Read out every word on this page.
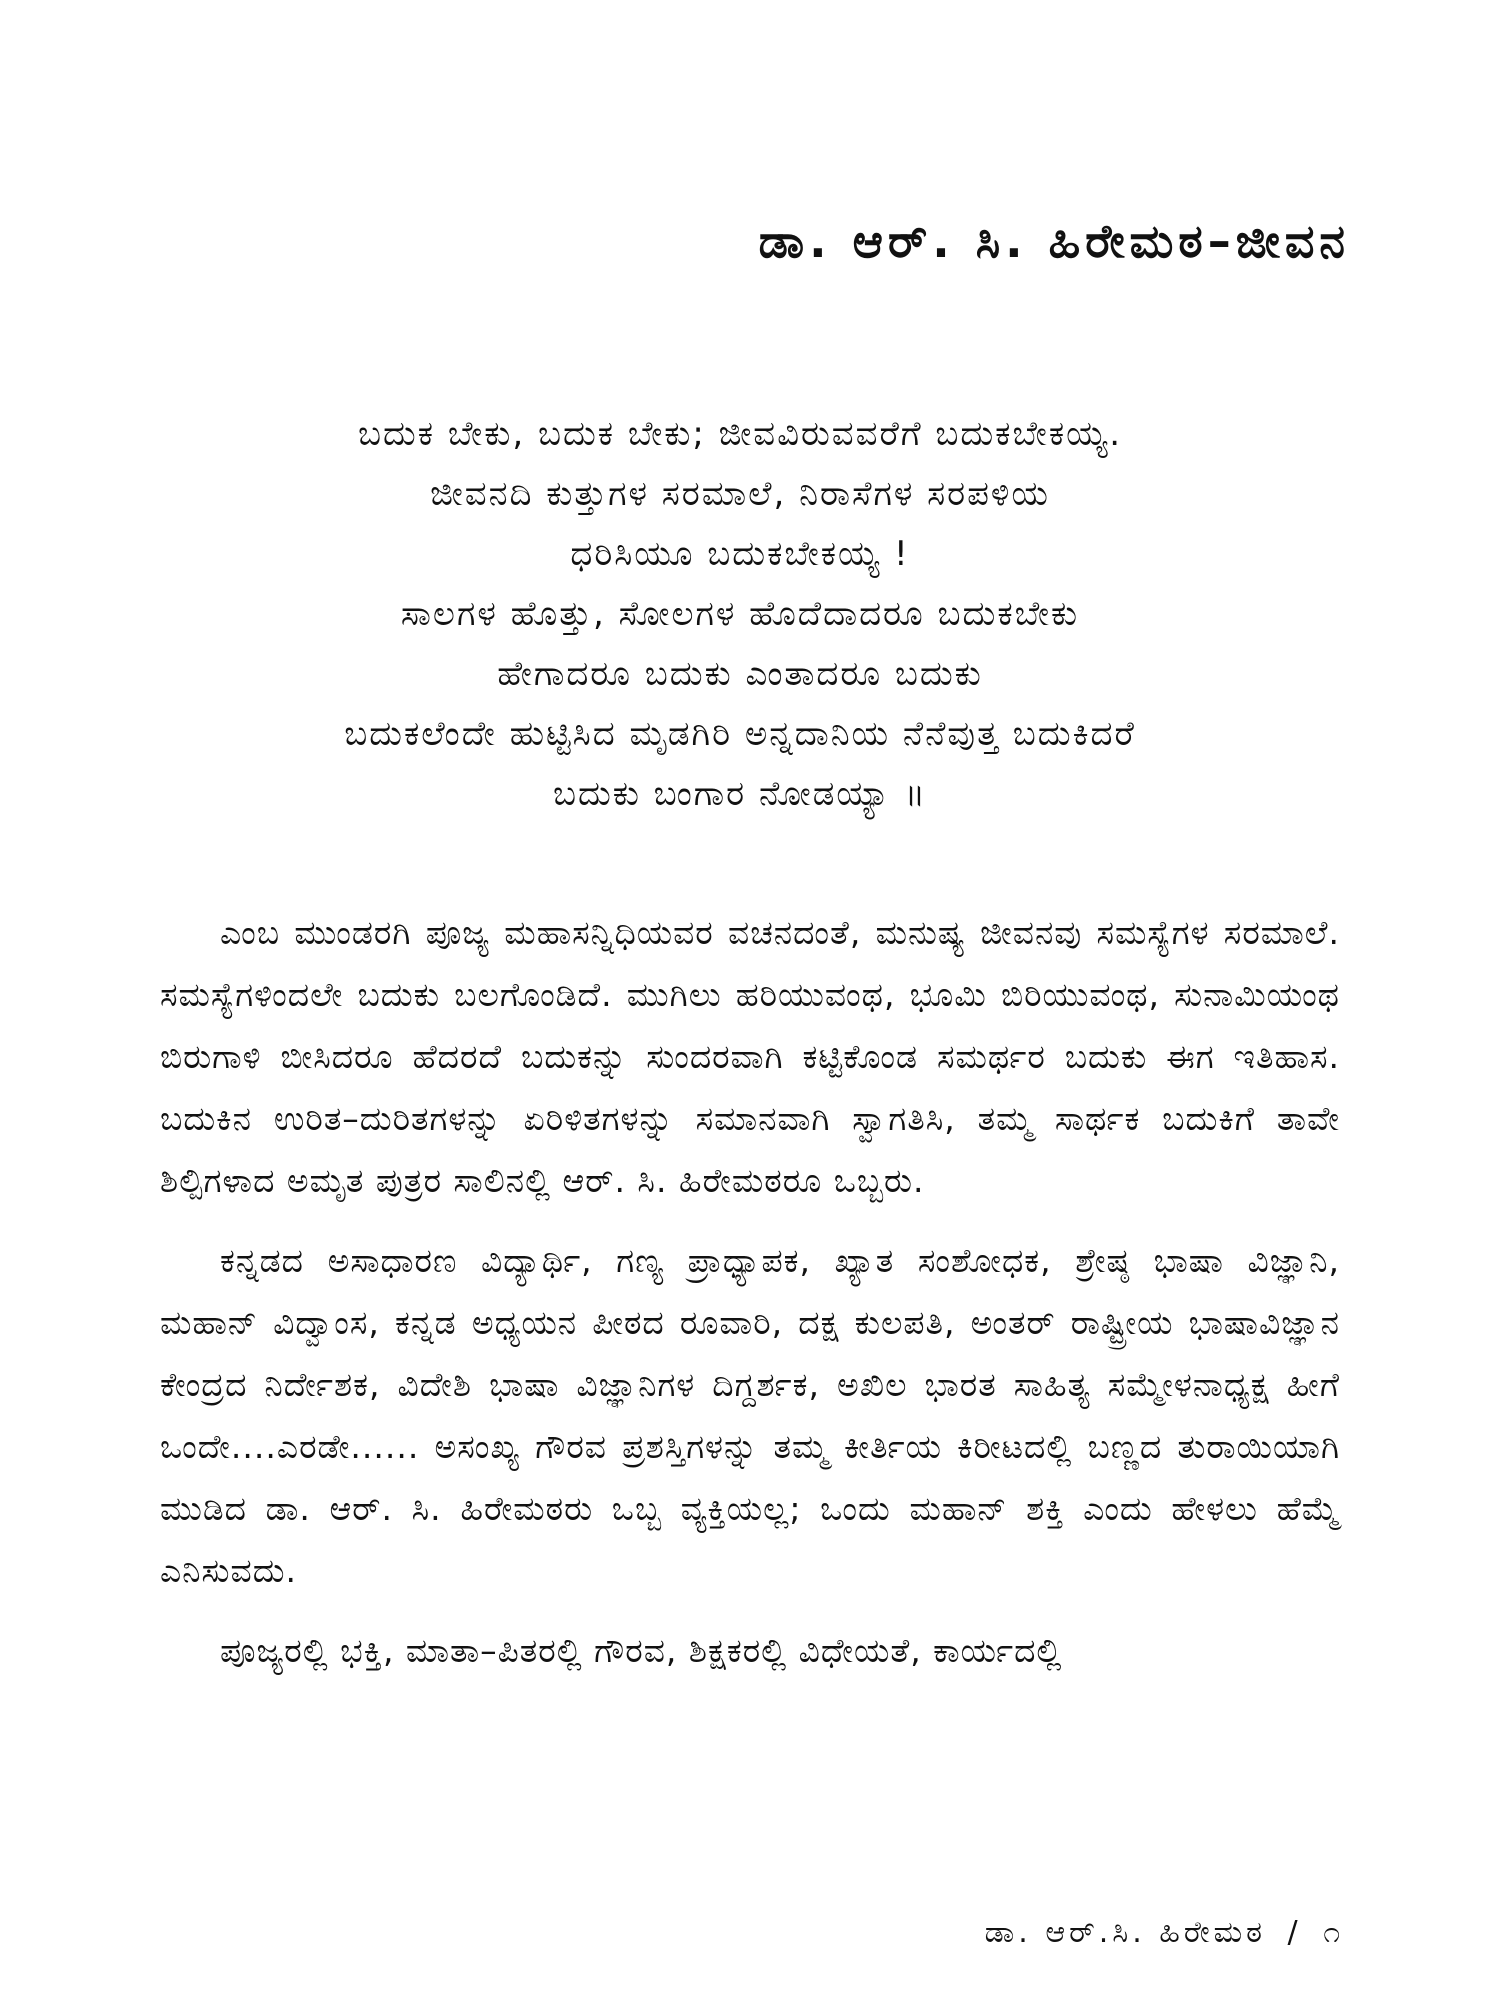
ಡಾ. ಆರ್. ಸಿ. ಹಿರೇಮಠ–ಜೀವನ
ಬದುಕ ಬೇಕು, ಬದುಕ ಬೇಕು; ಜೀವವಿರುವವರೆಗೆ ಬದುಕಬೇಕಯ್ಯ.
ಜೀವನದಿ ಕುತ್ತುಗಳ ಸರಮಾಲೆ, ನಿರಾಸೆಗಳ ಸರಪಳಿಯ
ಧರಿಸಿಯೂ ಬದುಕಬೇಕಯ್ಯ !
ಸಾಲಗಳ ಹೊತ್ತು, ಸೋಲಗಳ ಹೊದೆದಾದರೂ ಬದುಕಬೇಕು
ಹೇಗಾದರೂ ಬದುಕು ಎಂತಾದರೂ ಬದುಕು
ಬದುಕಲೆಂದೇ ಹುಟ್ಟಿಸಿದ ಮೃಡಗಿರಿ ಅನ್ನದಾನಿಯ ನೆನೆವುತ್ತ ಬದುಕಿದರೆ
ಬದುಕು ಬಂಗಾರ ನೋಡಯ್ಯಾ ॥

ಎಂಬ ಮುಂಡರಗಿ ಪೂಜ್ಯ ಮಹಾಸನ್ನಿಧಿಯವರ ವಚನದಂತೆ, ಮನುಷ್ಯ ಜೀವನವು ಸಮಸ್ಯೆಗಳ ಸರಮಾಲೆ. ಸಮಸ್ಯೆಗಳಿಂದಲೇ ಬದುಕು ಬಲಗೊಂಡಿದೆ. ಮುಗಿಲು ಹರಿಯುವಂಥ, ಭೂಮಿ ಬಿರಿಯುವಂಥ, ಸುನಾಮಿಯಂಥ ಬಿರುಗಾಳಿ ಬೀಸಿದರೂ ಹೆದರದೆ ಬದುಕನ್ನು ಸುಂದರವಾಗಿ ಕಟ್ಟಿಕೊಂಡ ಸಮರ್ಥರ ಬದುಕು ಈಗ ಇತಿಹಾಸ. ಬದುಕಿನ ಉರಿತ–ದುರಿತಗಳನ್ನು ಏರಿಳಿತಗಳನ್ನು ಸಮಾನವಾಗಿ ಸ್ವಾಗತಿಸಿ, ತಮ್ಮ ಸಾರ್ಥಕ ಬದುಕಿಗೆ ತಾವೇ ಶಿಲ್ಪಿಗಳಾದ ಅಮೃತ ಪುತ್ರರ ಸಾಲಿನಲ್ಲಿ ಆರ್. ಸಿ. ಹಿರೇಮಠರೂ ಒಬ್ಬರು.

ಕನ್ನಡದ ಅಸಾಧಾರಣ ವಿದ್ಯಾರ್ಥಿ, ಗಣ್ಯ ಪ್ರಾಧ್ಯಾಪಕ, ಖ್ಯಾತ ಸಂಶೋಧಕ, ಶ್ರೇಷ್ಠ ಭಾಷಾ ವಿಜ್ಞಾನಿ, ಮಹಾನ್ ವಿದ್ವಾಂಸ, ಕನ್ನಡ ಅಧ್ಯಯನ ಪೀಠದ ರೂವಾರಿ, ದಕ್ಷ ಕುಲಪತಿ, ಅಂತರ್ ರಾಷ್ಟ್ರೀಯ ಭಾಷಾವಿಜ್ಞಾನ ಕೇಂದ್ರದ ನಿರ್ದೇಶಕ, ವಿದೇಶಿ ಭಾಷಾ ವಿಜ್ಞಾನಿಗಳ ದಿಗ್ದರ್ಶಕ, ಅಖಿಲ ಭಾರತ ಸಾಹಿತ್ಯ ಸಮ್ಮೇಳನಾಧ್ಯಕ್ಷ ಹೀಗೆ ಒಂದೇ....ಎರಡೇ...... ಅಸಂಖ್ಯ ಗೌರವ ಪ್ರಶಸ್ತಿಗಳನ್ನು ತಮ್ಮ ಕೀರ್ತಿಯ ಕಿರೀಟದಲ್ಲಿ ಬಣ್ಣದ ತುರಾಯಿಯಾಗಿ ಮುಡಿದ ಡಾ. ಆರ್. ಸಿ. ಹಿರೇಮಠರು ಒಬ್ಬ ವ್ಯಕ್ತಿಯಲ್ಲ; ಒಂದು ಮಹಾನ್ ಶಕ್ತಿ ಎಂದು ಹೇಳಲು ಹೆಮ್ಮೆ ಎನಿಸುವದು.

ಪೂಜ್ಯರಲ್ಲಿ ಭಕ್ತಿ, ಮಾತಾ–ಪಿತರಲ್ಲಿ ಗೌರವ, ಶಿಕ್ಷಕರಲ್ಲಿ ವಿಧೇಯತೆ, ಕಾರ್ಯದಲ್ಲಿ

ಡಾ. ಆರ್.ಸಿ. ಹಿರೇಮಠ / ೧
